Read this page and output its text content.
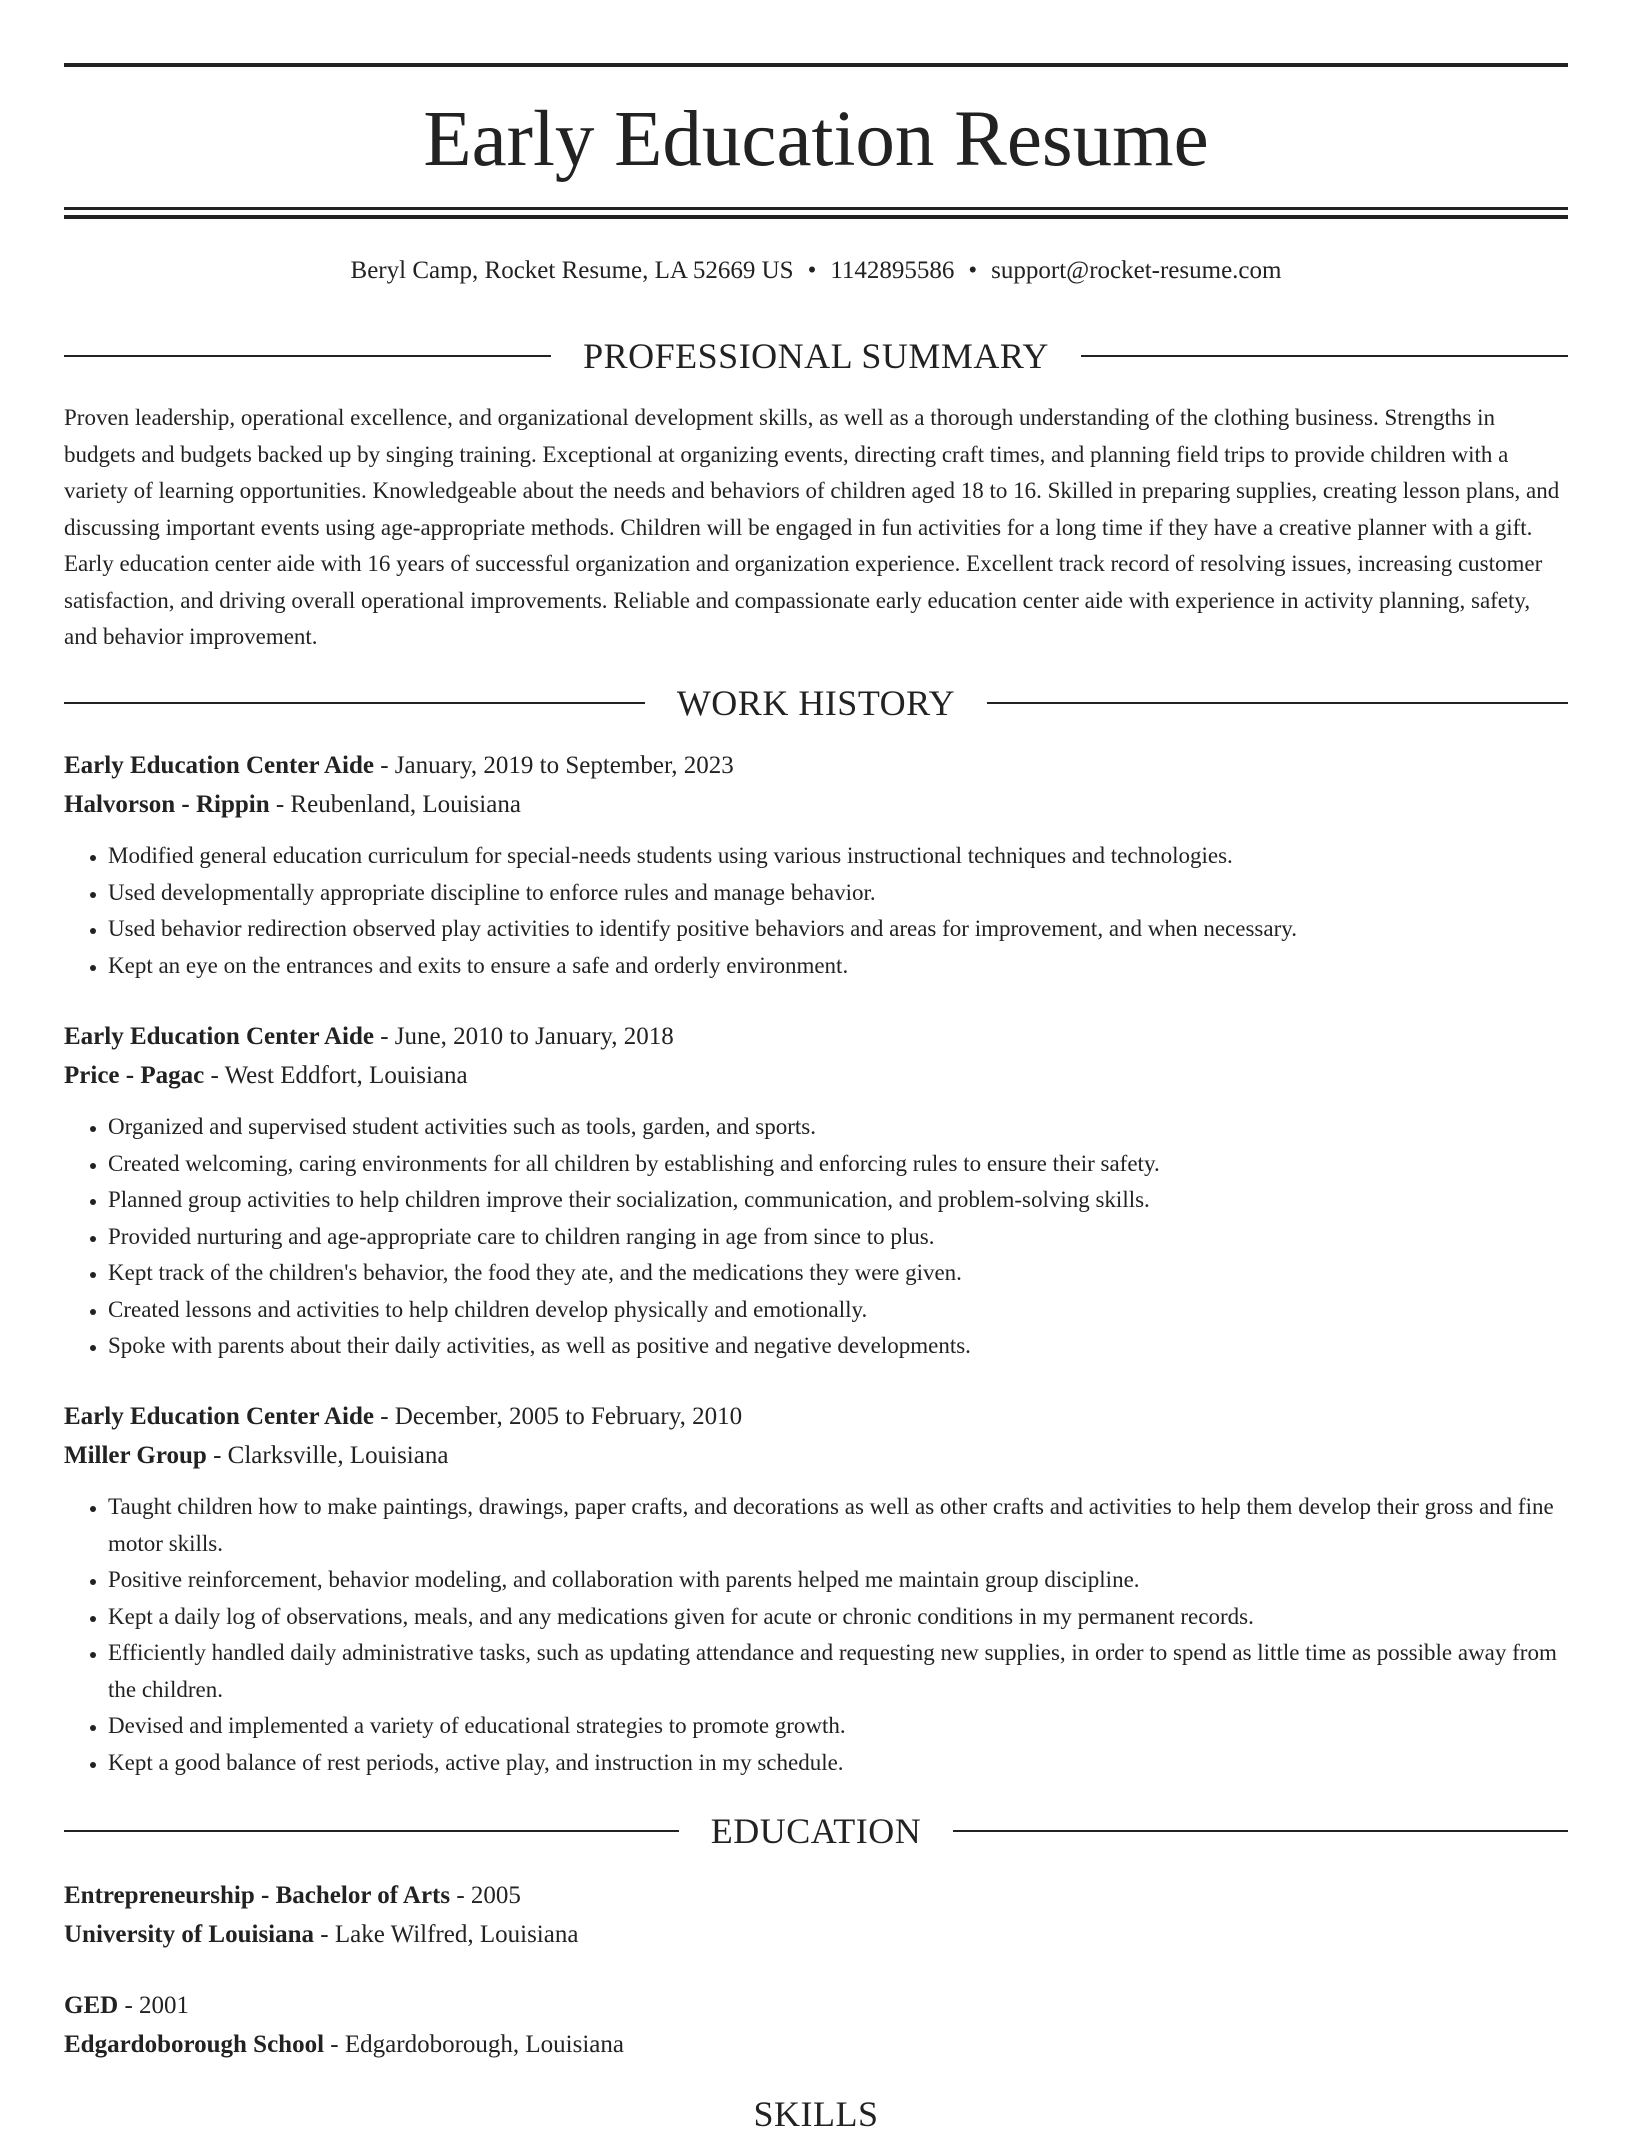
Early Education Resume
Beryl Camp, Rocket Resume, LA 52669 US • 1142895586 • support@rocket-resume.com
PROFESSIONAL SUMMARY

Proven leadership, operational excellence, and organizational development skills, as well as a thorough understanding of the clothing business. Strengths in budgets and budgets backed up by singing training. Exceptional at organizing events, directing craft times, and planning field trips to provide children with a variety of learning opportunities. Knowledgeable about the needs and behaviors of children aged 18 to 16. Skilled in preparing supplies, creating lesson plans, and discussing important events using age-appropriate methods. Children will be engaged in fun activities for a long time if they have a creative planner with a gift. Early education center aide with 16 years of successful organization and organization experience. Excellent track record of resolving issues, increasing customer satisfaction, and driving overall operational improvements. Reliable and compassionate early education center aide with experience in activity planning, safety, and behavior improvement.

WORK HISTORY

Early Education Center Aide - January, 2019 to September, 2023

Halvorson - Rippin - Reubenland, Louisiana

• Modified general education curriculum for special-needs students using various instructional techniques and technologies.
• Used developmentally appropriate discipline to enforce rules and manage behavior.
• Used behavior redirection observed play activities to identify positive behaviors and areas for improvement, and when necessary.
• Kept an eye on the entrances and exits to ensure a safe and orderly environment.

Early Education Center Aide - June, 2010 to January, 2018

Price - Pagac - West Eddfort, Louisiana

• Organized and supervised student activities such as tools, garden, and sports.
• Created welcoming, caring environments for all children by establishing and enforcing rules to ensure their safety.
• Planned group activities to help children improve their socialization, communication, and problem-solving skills.
• Provided nurturing and age-appropriate care to children ranging in age from since to plus.
• Kept track of the children's behavior, the food they ate, and the medications they were given.
• Created lessons and activities to help children develop physically and emotionally.
• Spoke with parents about their daily activities, as well as positive and negative developments.

Early Education Center Aide - December, 2005 to February, 2010

Miller Group - Clarksville, Louisiana

• Taught children how to make paintings, drawings, paper crafts, and decorations as well as other crafts and activities to help them develop their gross and fine motor skills.
• Positive reinforcement, behavior modeling, and collaboration with parents helped me maintain group discipline.
• Kept a daily log of observations, meals, and any medications given for acute or chronic conditions in my permanent records.
• Efficiently handled daily administrative tasks, such as updating attendance and requesting new supplies, in order to spend as little time as possible away from the children.
• Devised and implemented a variety of educational strategies to promote growth.
• Kept a good balance of rest periods, active play, and instruction in my schedule.
EDUCATION

Entrepreneurship - Bachelor of Arts - 2005

University of Louisiana - Lake Wilfred, Louisiana

GED - 2001

Edgardoborough School - Edgardoborough, Louisiana

SKILLS
